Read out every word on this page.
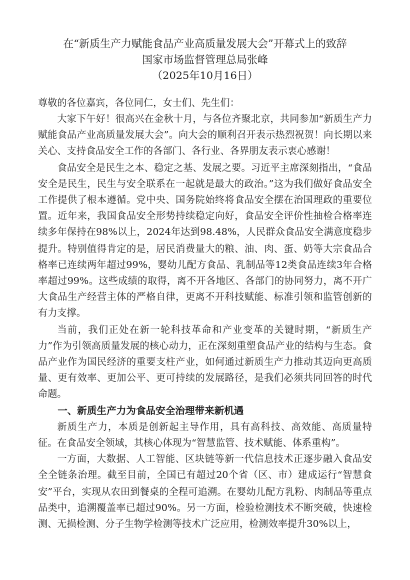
在“新质生产力赋能食品产业高质量发展大会”开幕式上的致辞
国家市场监督管理总局张峰
（2025年10月16日）

尊敬的各位嘉宾，各位同仁，女士们、先生们：

大家下午好！很高兴在金秋十月，与各位齐聚北京，共同参加“新质生产力赋能食品产业高质量发展大会”。向大会的顺利召开表示热烈祝贺！向长期以来关心、支持食品安全工作的各部门、各行业、各界朋友表示衷心感谢！

食品安全是民生之本、稳定之基、发展之要。习近平主席深刻指出，“食品安全是民生，民生与安全联系在一起就是最大的政治。”这为我们做好食品安全工作提供了根本遵循。党中央、国务院始终将食品安全摆在治国理政的重要位置。近年来，我国食品安全形势持续稳定向好，食品安全评价性抽检合格率连续多年保持在98%以上，2024年达到98.48%，人民群众食品安全满意度稳步提升。特别值得肯定的是，居民消费量大的粮、油、肉、蛋、奶等大宗食品合格率已连续两年超过99%，婴幼儿配方食品、乳制品等12类食品连续3年合格率超过99%。这些成绩的取得，离不开各地区、各部门的协同努力，离不开广大食品生产经营主体的严格自律，更离不开科技赋能、标准引领和监管创新的有力支撑。

当前，我们正处在新一轮科技革命和产业变革的关键时期，“新质生产力”作为引领高质量发展的核心动力，正在深刻重塑食品产业的结构与生态。食品产业作为国民经济的重要支柱产业，如何通过新质生产力推动其迈向更高质量、更有效率、更加公平、更可持续的发展路径，是我们必须共同回答的时代命题。

一、新质生产力为食品安全治理带来新机遇

新质生产力，本质是创新起主导作用，具有高科技、高效能、高质量特征。在食品安全领域，其核心体现为“智慧监管、技术赋能、体系重构”。

一方面，大数据、人工智能、区块链等新一代信息技术正逐步融入食品安全全链条治理。截至目前，全国已有超过20个省（区、市）建成运行“智慧食安”平台，实现从农田到餐桌的全程可追溯。在婴幼儿配方乳粉、肉制品等重点品类中，追溯覆盖率已超过90%。另一方面，检验检测技术不断突破，快速检测、无损检测、分子生物学检测等技术广泛应用，检测效率提升30%以上，
